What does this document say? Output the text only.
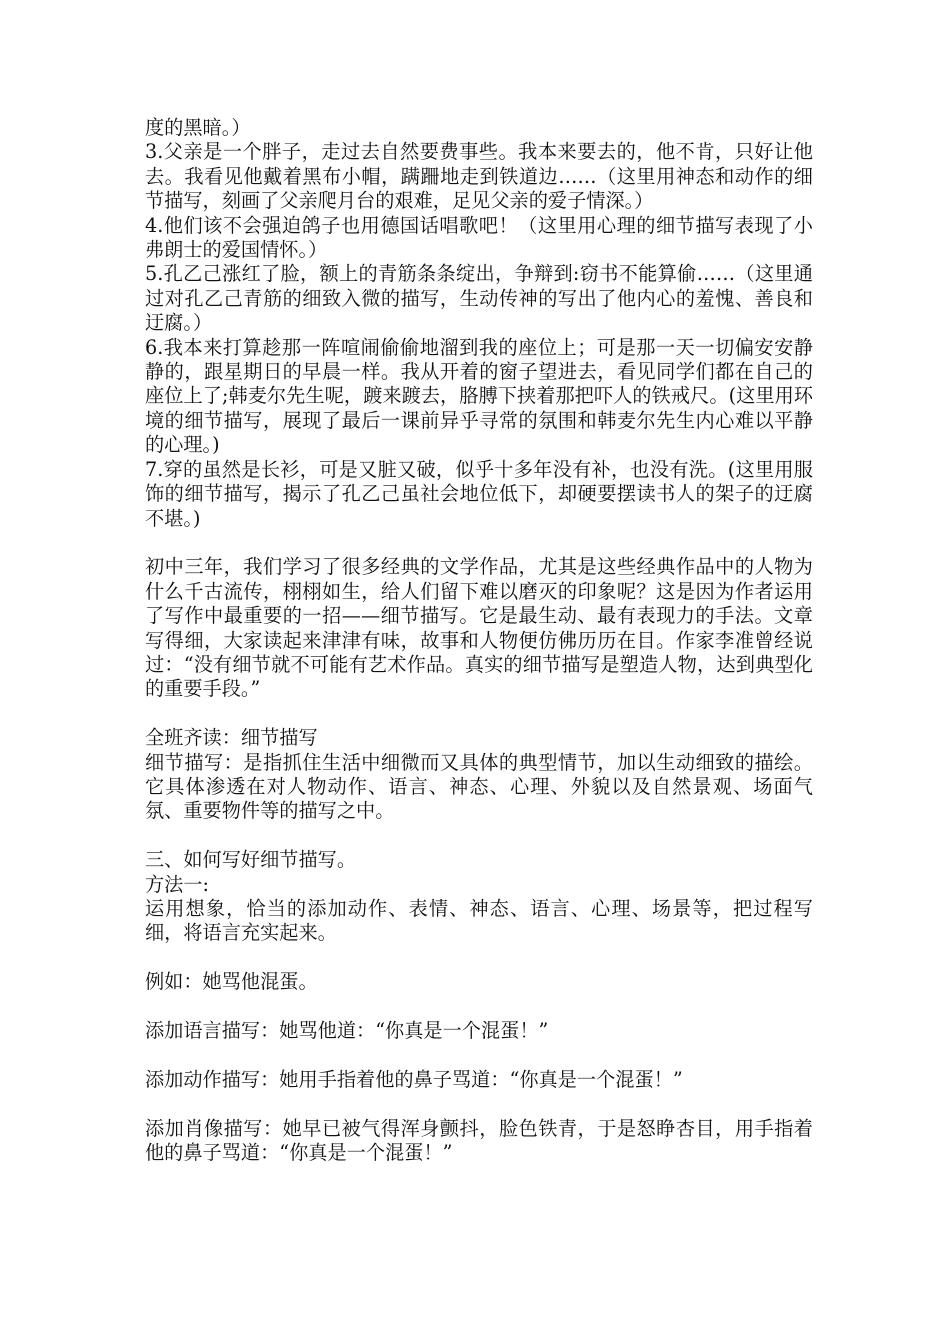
度的黑暗。）

3.父亲是一个胖子，走过去自然要费事些。我本来要去的，他不肯，只好让他去。我看见他戴着黑布小帽，蹒跚地走到铁道边……（这里用神态和动作的细节描写，刻画了父亲爬月台的艰难，足见父亲的爱子情深。）

4.他们该不会强迫鸽子也用德国话唱歌吧！（这里用心理的细节描写表现了小弗朗士的爱国情怀。）

5.孔乙己涨红了脸，额上的青筋条条绽出，争辩到:窃书不能算偷……（这里通过对孔乙己青筋的细致入微的描写，生动传神的写出了他内心的羞愧、善良和迂腐。）

6.我本来打算趁那一阵喧闹偷偷地溜到我的座位上；可是那一天一切偏安安静静的，跟星期日的早晨一样。我从开着的窗子望进去，看见同学们都在自己的座位上了;韩麦尔先生呢，踱来踱去，胳膊下挟着那把吓人的铁戒尺。(这里用环境的细节描写，展现了最后一课前异乎寻常的氛围和韩麦尔先生内心难以平静的心理。)

7.穿的虽然是长衫，可是又脏又破，似乎十多年没有补，也没有洗。(这里用服饰的细节描写，揭示了孔乙己虽社会地位低下，却硬要摆读书人的架子的迂腐不堪。)

初中三年，我们学习了很多经典的文学作品，尤其是这些经典作品中的人物为什么千古流传，栩栩如生，给人们留下难以磨灭的印象呢？这是因为作者运用了写作中最重要的一招——细节描写。它是最生动、最有表现力的手法。文章写得细，大家读起来津津有味，故事和人物便仿佛历历在目。作家李准曾经说过：“没有细节就不可能有艺术作品。真实的细节描写是塑造人物，达到典型化的重要手段。”

全班齐读：细节描写

细节描写：是指抓住生活中细微而又具体的典型情节，加以生动细致的描绘。它具体渗透在对人物动作、语言、神态、心理、外貌以及自然景观、场面气氛、重要物件等的描写之中。

三、如何写好细节描写。

方法一:

运用想象，恰当的添加动作、表情、神态、语言、心理、场景等，把过程写细，将语言充实起来。

例如：她骂他混蛋。

添加语言描写：她骂他道：“你真是一个混蛋！”

添加动作描写：她用手指着他的鼻子骂道：“你真是一个混蛋！”

添加肖像描写：她早已被气得浑身颤抖，脸色铁青，于是怒睁杏目，用手指着他的鼻子骂道：“你真是一个混蛋！”
